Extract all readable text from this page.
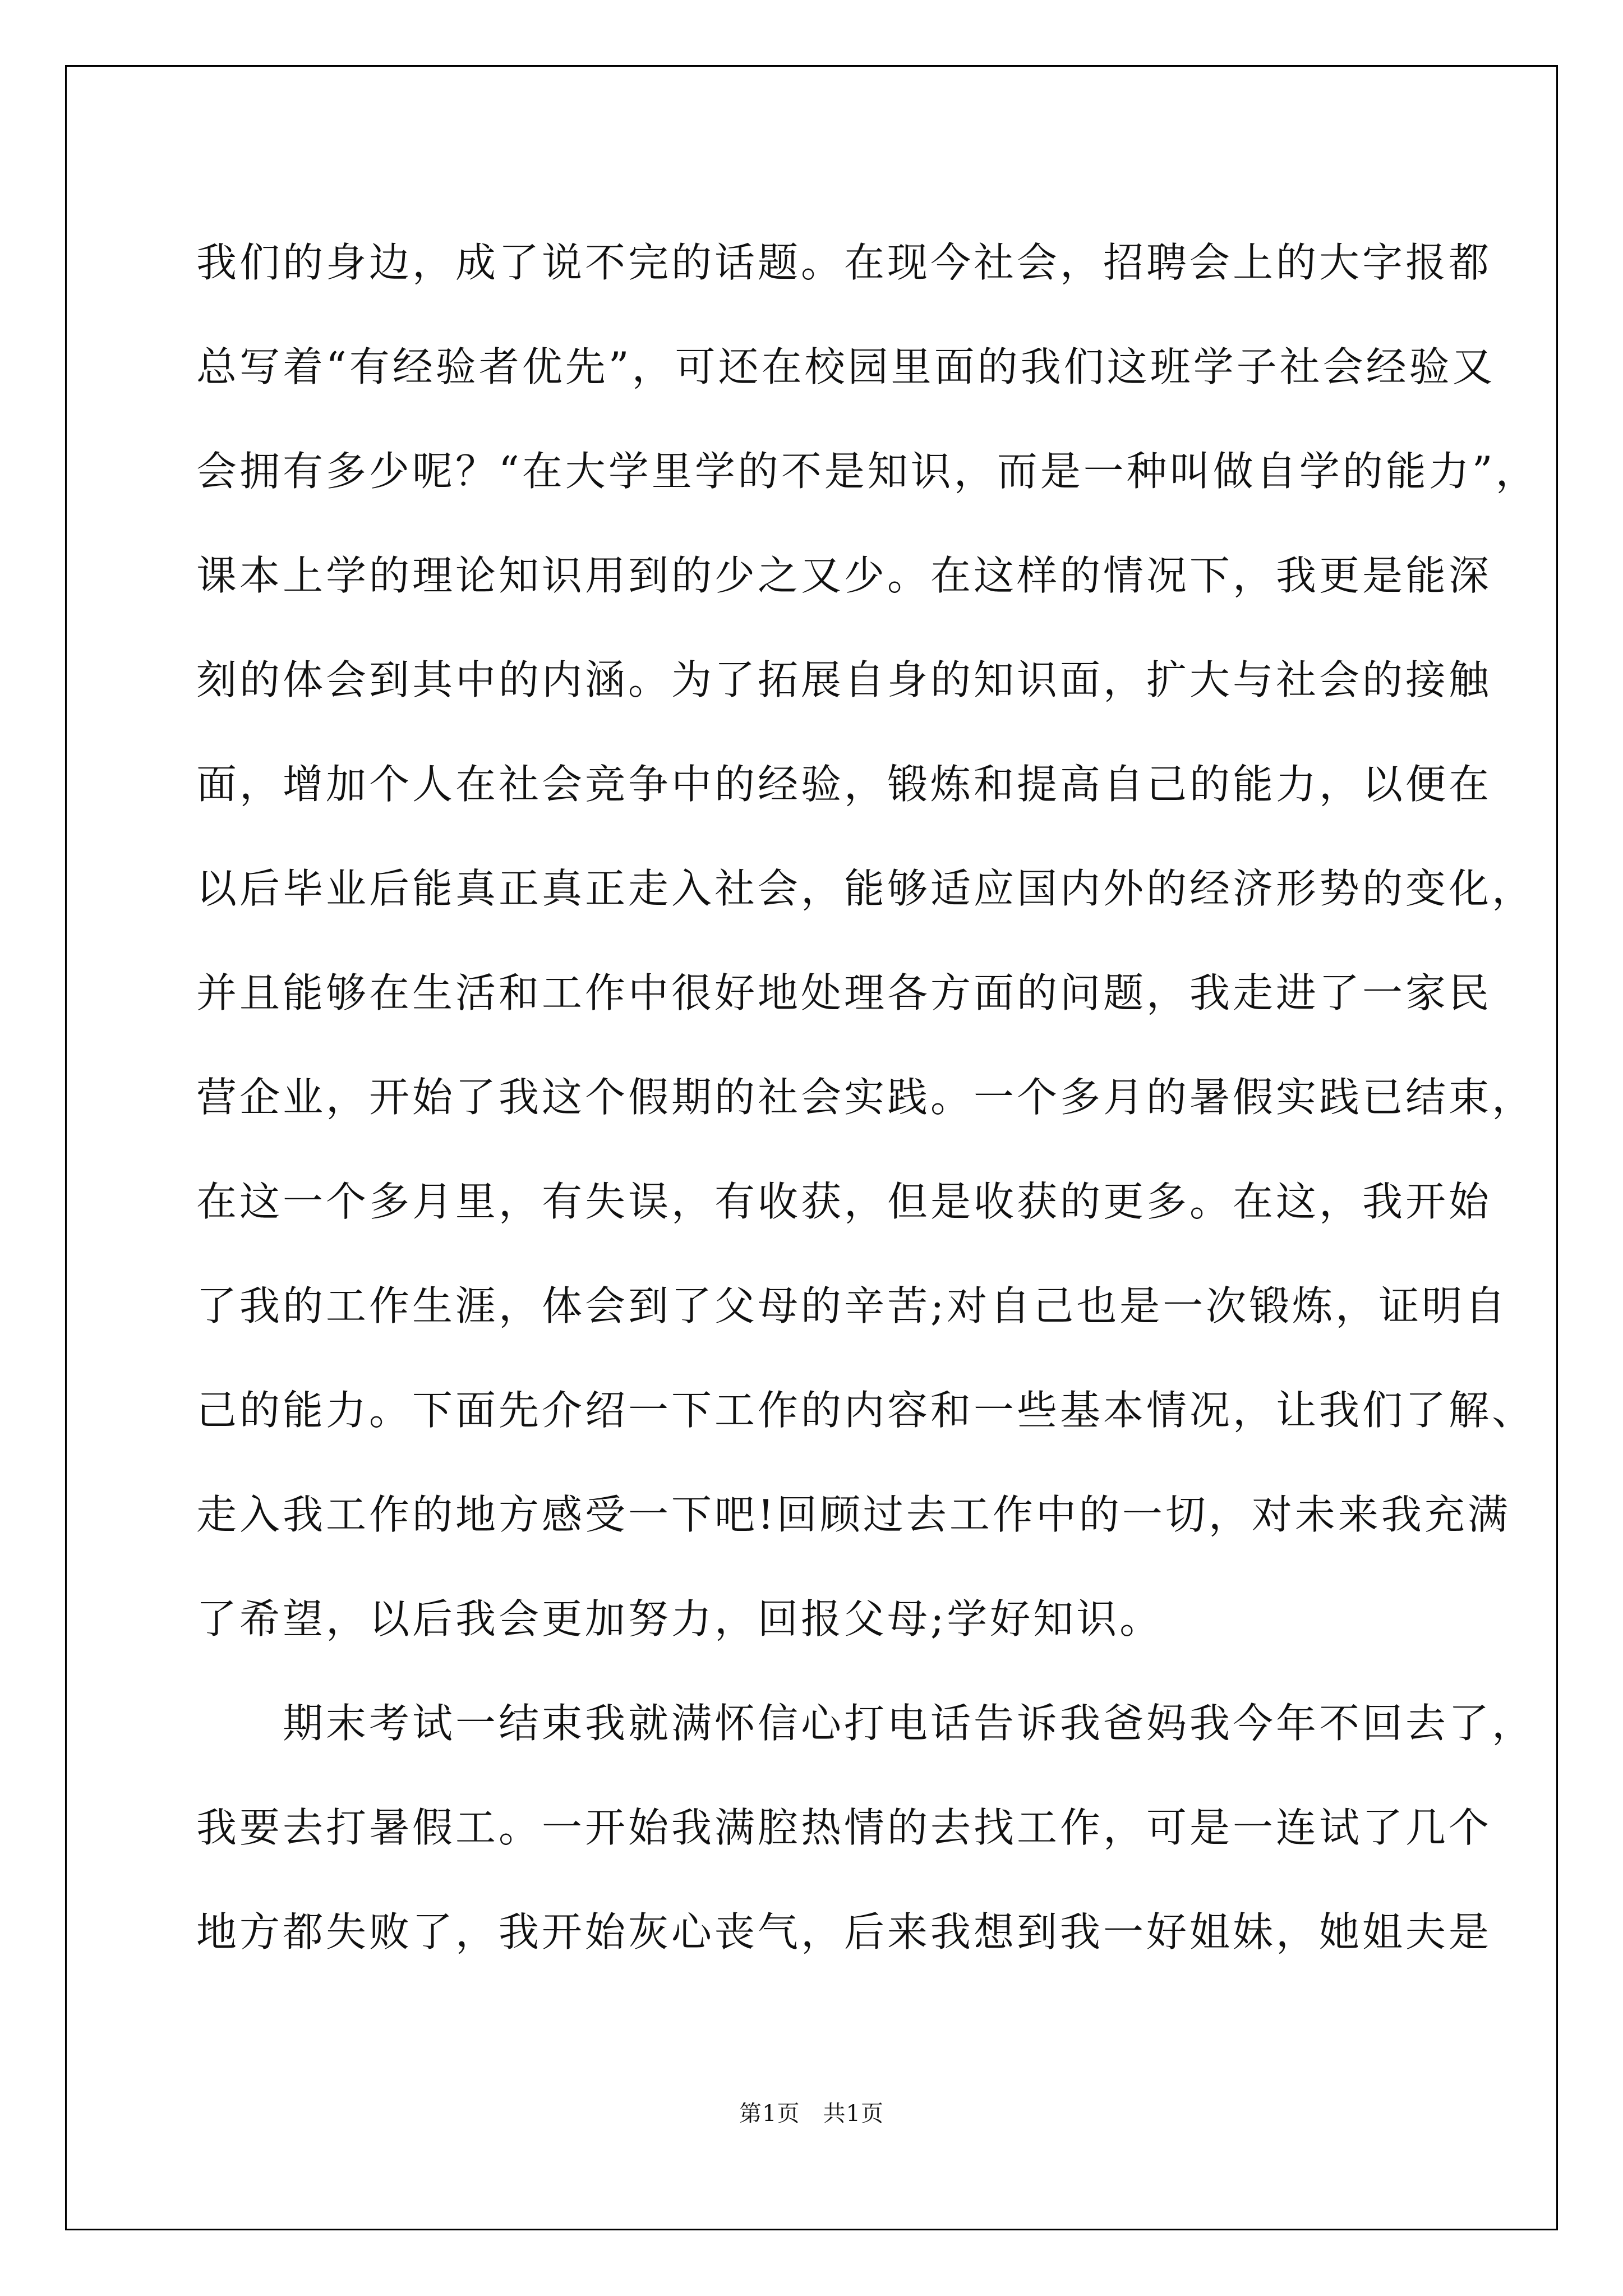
我们的身边，成了说不完的话题。在现今社会，招聘会上的大字报都
总写着“有经验者优先”，可还在校园里面的我们这班学子社会经验又
会拥有多少呢？“在大学里学的不是知识，而是一种叫做自学的能力”，
课本上学的理论知识用到的少之又少。在这样的情况下，我更是能深
刻的体会到其中的内涵。为了拓展自身的知识面，扩大与社会的接触
面，增加个人在社会竞争中的经验，锻炼和提高自己的能力，以便在
以后毕业后能真正真正走入社会，能够适应国内外的经济形势的变化，
并且能够在生活和工作中很好地处理各方面的问题，我走进了一家民
营企业，开始了我这个假期的社会实践。一个多月的暑假实践已结束，
在这一个多月里，有失误，有收获，但是收获的更多。在这，我开始
了我的工作生涯，体会到了父母的辛苦;对自己也是一次锻炼，证明自
己的能力。下面先介绍一下工作的内容和一些基本情况，让我们了解、
走入我工作的地方感受一下吧!回顾过去工作中的一切，对未来我充满
了希望，以后我会更加努力，回报父母;学好知识。
　　期末考试一结束我就满怀信心打电话告诉我爸妈我今年不回去了，
我要去打暑假工。一开始我满腔热情的去找工作，可是一连试了几个
地方都失败了，我开始灰心丧气，后来我想到我一好姐妹，她姐夫是
第1页　共1页
